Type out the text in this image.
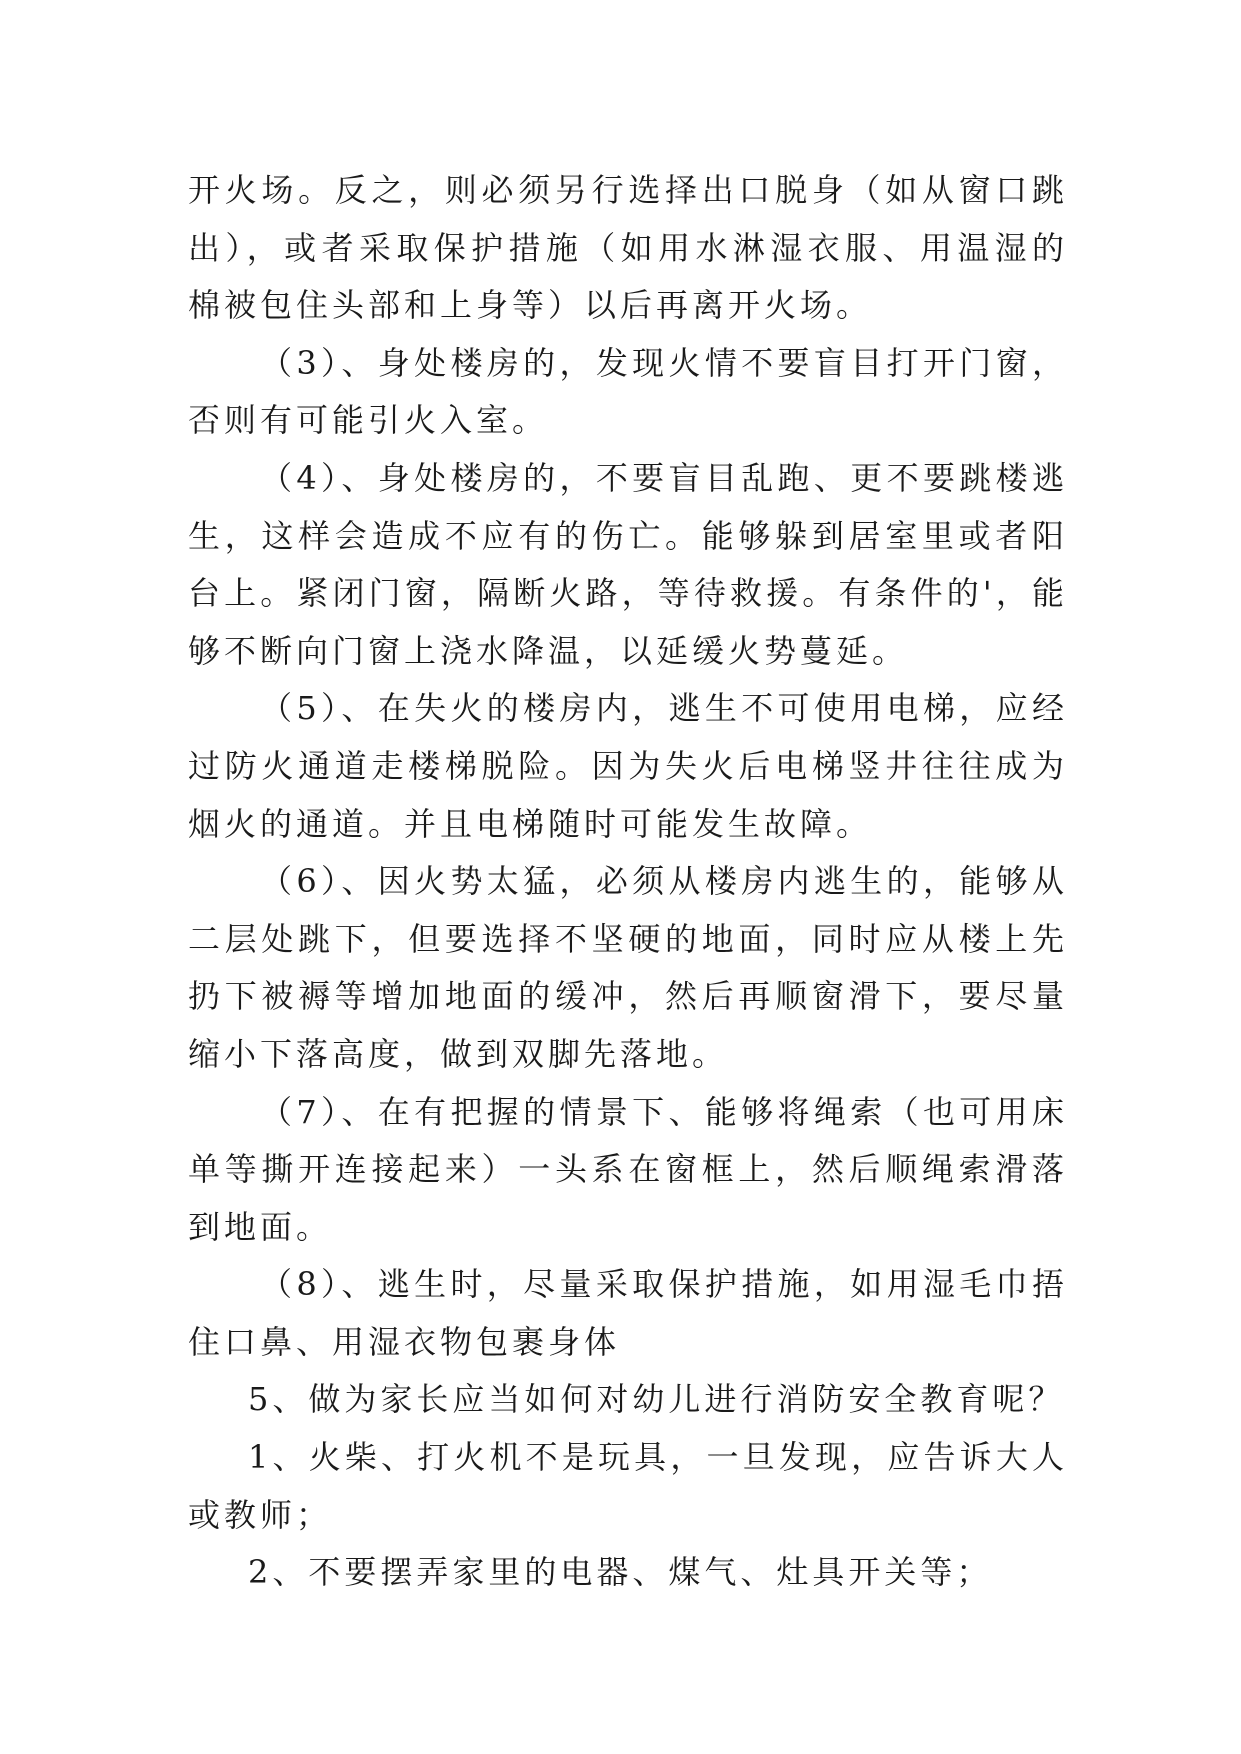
开火场。反之，则必须另行选择出口脱身（如从窗口跳出），或者采取保护措施（如用水淋湿衣服、用温湿的棉被包住头部和上身等）以后再离开火场。

（3）、身处楼房的，发现火情不要盲目打开门窗，否则有可能引火入室。

（4）、身处楼房的，不要盲目乱跑、更不要跳楼逃生，这样会造成不应有的伤亡。能够躲到居室里或者阳台上。紧闭门窗，隔断火路，等待救援。有条件的'，能够不断向门窗上浇水降温，以延缓火势蔓延。

（5）、在失火的楼房内，逃生不可使用电梯，应经过防火通道走楼梯脱险。因为失火后电梯竖井往往成为烟火的通道。并且电梯随时可能发生故障。

（6）、因火势太猛，必须从楼房内逃生的，能够从二层处跳下，但要选择不坚硬的地面，同时应从楼上先扔下被褥等增加地面的缓冲，然后再顺窗滑下，要尽量缩小下落高度，做到双脚先落地。

（7）、在有把握的情景下、能够将绳索（也可用床单等撕开连接起来）一头系在窗框上，然后顺绳索滑落到地面。

（8）、逃生时，尽量采取保护措施，如用湿毛巾捂住口鼻、用湿衣物包裹身体

5、做为家长应当如何对幼儿进行消防安全教育呢？

1、火柴、打火机不是玩具，一旦发现，应告诉大人或教师；

2、不要摆弄家里的电器、煤气、灶具开关等；
